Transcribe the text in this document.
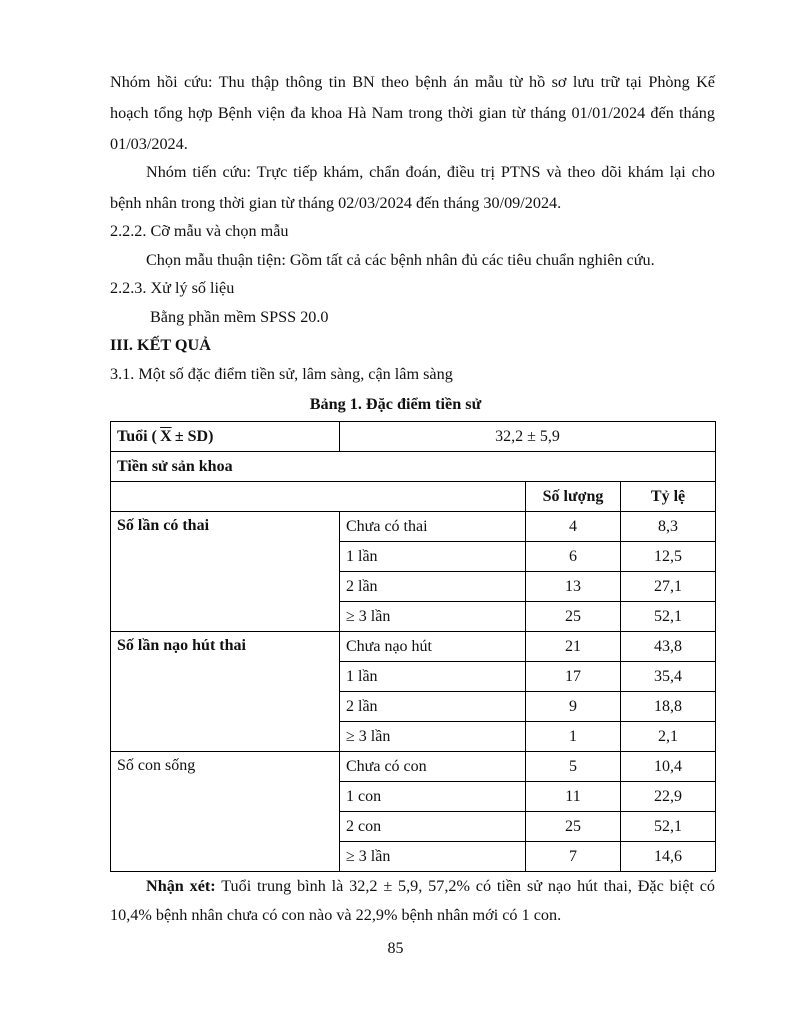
Nhóm hồi cứu: Thu thập thông tin BN theo bệnh án mẫu từ hồ sơ lưu trữ tại Phòng Kế
hoạch tổng hợp Bệnh viện đa khoa Hà Nam trong thời gian từ tháng 01/01/2024 đến tháng
01/03/2024.
Nhóm tiến cứu: Trực tiếp khám, chẩn đoán, điều trị PTNS và theo dõi khám lại cho
bệnh nhân trong thời gian từ tháng 02/03/2024 đến tháng 30/09/2024.
2.2.2. Cỡ mẫu và chọn mẫu
Chọn mẫu thuận tiện: Gồm tất cả các bệnh nhân đủ các tiêu chuẩn nghiên cứu.
2.2.3. Xử lý số liệu
Bằng phần mềm SPSS 20.0
III. KẾT QUẢ
3.1. Một số đặc điểm tiền sử, lâm sàng, cận lâm sàng
Bảng 1. Đặc điểm tiền sử
Tuổi (  $\overline{X} \pm SD$)	32,2 ± 5,9		
Tiền sử sản khoa			
		Số lượng	Tỷ lệ
Số lần có thai	Chưa có thai	4	8,3
	1 lần	6	12,5
	2 lần	13	27,1
	≥ 3 lần	25	52,1
Số lần nạo hút thai	Chưa nạo hút	21	43,8
	1 lần	17	35,4
	2 lần	9	18,8
	≥ 3 lần	1	2,1
Số con sống	Chưa có con	5	10,4
	1 con	11	22,9
	2 con	25	52,1
	≥ 3 lần	7	14,6
Nhận xét: Tuổi trung bình là 32,2 ± 5,9, 57,2% có tiền sử nạo hút thai, Đặc biệt có
10,4% bệnh nhân chưa có con nào và 22,9% bệnh nhân mới có 1 con.
85
